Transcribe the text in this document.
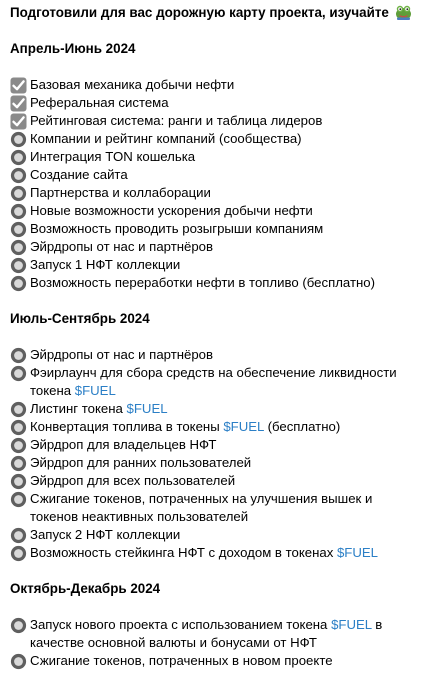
Подготовили для вас дорожную карту проекта, изучайте
Апрель-Июнь 2024
Базовая механика добычи нефти
Реферальная система
Рейтинговая система: ранги и таблица лидеров
Компании и рейтинг компаний (сообщества)
Интеграция TON кошелька
Создание сайта
Партнерства и коллаборации
Новые возможности ускорения добычи нефти
Возможность проводить розыгрыши компаниям
Эйрдропы от нас и партнёров
Запуск 1 НФТ коллекции
Возможность переработки нефти в топливо (бесплатно)
Июль-Сентябрь 2024
Эйрдропы от нас и партнёров
Фэирлаунч для сбора средств на обеспечение ликвидности токена $FUEL
Листинг токена $FUEL
Конвертация топлива в токены $FUEL (бесплатно)
Эйрдроп для владельцев НФТ
Эйрдроп для ранних пользователей
Эйрдроп для всех пользователей
Сжигание токенов, потраченных на улучшения вышек и токенов неактивных пользователей
Запуск 2 НФТ коллекции
Возможность стейкинга НФТ с доходом в токенах $FUEL
Октябрь-Декабрь 2024
Запуск нового проекта с использованием токена $FUEL в качестве основной валюты и бонусами от НФТ
Сжигание токенов, потраченных в новом проекте
